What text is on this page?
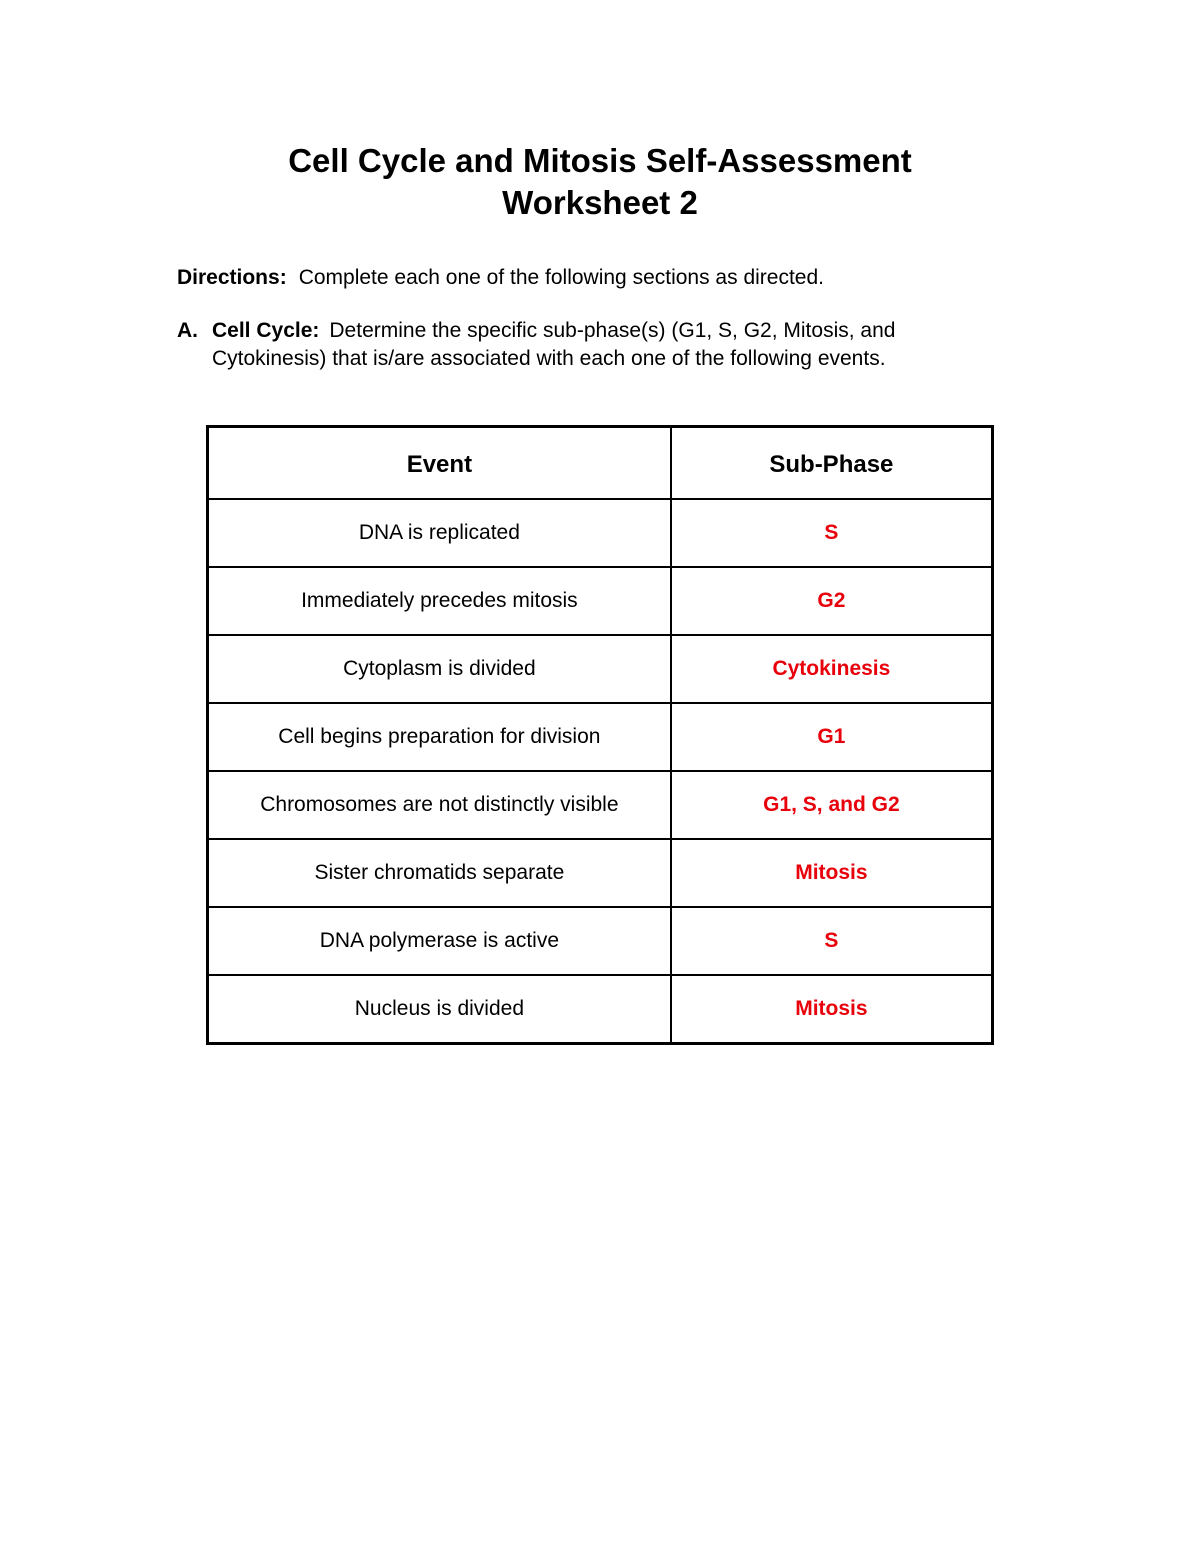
Cell Cycle and Mitosis Self-Assessment
Worksheet 2
Directions: Complete each one of the following sections as directed.
A. Cell Cycle: Determine the specific sub-phase(s) (G1, S, G2, Mitosis, and Cytokinesis) that is/are associated with each one of the following events.
Event	Sub-Phase
DNA is replicated	S
Immediately precedes mitosis	G2
Cytoplasm is divided	Cytokinesis
Cell begins preparation for division	G1
Chromosomes are not distinctly visible	G1, S, and G2
Sister chromatids separate	Mitosis
DNA polymerase is active	S
Nucleus is divided	Mitosis
